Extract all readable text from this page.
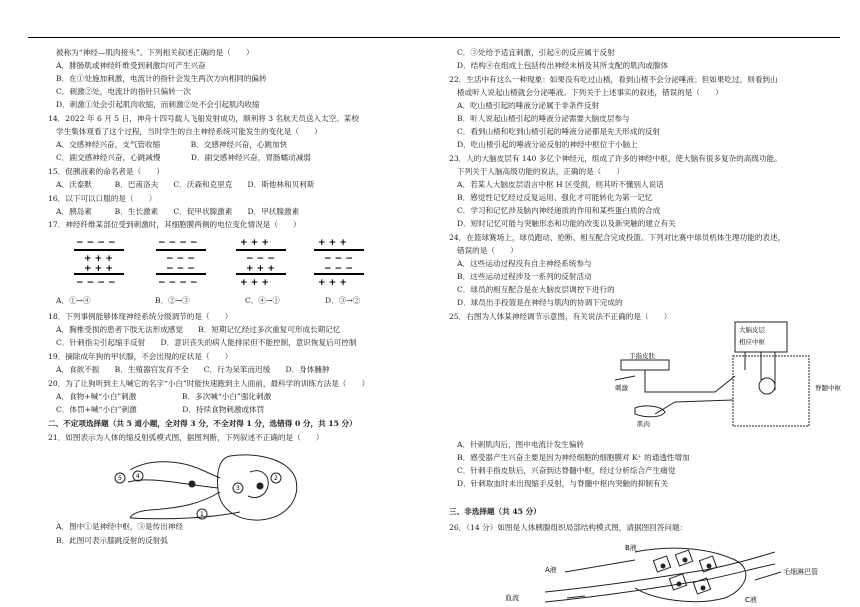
被称为“神经—肌肉接头”。下列相关叙述正确的是（　　）
A．腓肠肌或神经纤维受到刺激均可产生兴奋
B．在①处施加刺激，电流计的指针会发生两次方向相同的偏转
C．刺激②处，电流计的指针只偏转一次
D．刺激①处会引起肌肉收缩，而刺激②处不会引起肌肉收缩
14．2022 年 6 月 5 日，神舟十四号载人飞船发射成功，顺利将 3 名航天员送入太空。某校
学生集体观看了这个过程，当时学生的自主神经系统可能发生的变化是（　　）
A．交感神经兴奋，支气管收缩　　　　B．交感神经兴奋，心跳加快
C．副交感神经兴奋，心跳减慢　　　　D．副交感神经兴奋，胃肠蠕动减弱
15．促胰液素的命名者是（　　）
A．沃泰默　　　B．巴甫洛夫　　C．沃森和克里克　　D．斯他林和贝利斯
16．以下可以口服的是（　　）
A．胰岛素　　　B．生长激素　　C．促甲状腺激素　　D．甲状腺激素
17．神经纤维某部位受到刺激时，其细胞膜两侧的电位变化情况是（　　）
− − − −
+ + +
+ + +
− − − −
− − − −
− − −
− − −
− − − −
+ + +
− − −
+ + +
+ + +
+ + +
− − −
− − −
+ + +
A．①→④	B．②→③	C．④→①	D．③→②
18．下列事例能够体现神经系统分级调节的是（　　）
A．胸椎受损的患者下肢无法形成感觉　　B．短期记忆经过多次重复可形成长期记忆
C．针刺指尖引起缩手反射　　D．意识丧失的病人能排尿但不能控制，意识恢复后可控制
19．摘除成年狗的甲状腺，不会出现的症状是（　　）
A．食欲不振　　B．生殖器官发育不全　　C．行为呆笨而迟缓　　D．身体臃肿
20．为了让狗听到主人喊它的名字“小白”时能快速跑到主人面前，最科学的训练方法是（　　）
A．食物+喊“小白”刺激　　　　　　B．多次喊“小白”强化刺激
C．体罚+喊“小白”刺激　　　　　　D．持续食物刺激或体罚
二、不定项选择题（共 5 道小题，全对得 3 分，不全对得 1 分，选错得 0 分，共 15 分）
21．如图表示为人体的缩反射弧模式图，据图判断，下列叙述不正确的是（　　）
5 4
3
1
2
A．图中①是神经中枢，③是传出神经
B．此图可表示膝跳反射的反射弧
C．③处给予适宜刺激，引起④的反应属于反射
D．结构④在组成上包括传出神经末梢及其所支配的肌肉或腺体
22．生活中有这么一种现象：如果没有吃过山楂，看到山楂不会分泌唾液；但如果吃过，则看到山
楂或听人说起山楂就会分泌唾液。下列关于上述事实的叙述，错误的是（　　）
A．吃山楂引起的唾液分泌属于非条件反射
B．听人说起山楂引起的唾液分泌需要大脑皮层参与
C．看到山楂和吃到山楂引起的唾液分泌都是先天形成的反射
D．吃山楂引起的唾液分泌反射的神经中枢位于小脑上
23．人的大脑皮层有 140 多亿个神经元，组成了许多的神经中枢，使大脑有很多复杂的高级功能。
下列关于人脑高级功能的说法，正确的是（　　）
A．若某人大脑皮层语言中枢 H 区受损，则其听不懂别人说话
B．感觉性记忆经过反复运用、强化才可能转化为第一记忆
C．学习和记忆涉及脑内神经递质的作用和某些蛋白质的合成
D．短时记忆可能与突触形态和功能的改变以及新突触的建立有关
24．在篮球赛场上，球员跑动、抢断、相互配合完成投篮。下列对比赛中球员机体生理功能的表述，
错误的是（　　）
A．这些运动过程没有自主神经系统参与
B．这些运动过程涉及一系列的反射活动
C．球员的相互配合是在大脑皮层调控下进行的
D．球员出手投篮是在神经与肌肉的协调下完成的
25．右图为人体某神经调节示意图，有关说法不正确的是（　　）
大脑皮层
相应中枢
手指皮肤
刺激
肌肉
脊髓中枢
A．针刺肌肉后，图中电流计发生偏转
B．感受器产生兴奋主要是因为神经细胞的细胞膜对 K⁺ 的通透性增加
C．针刺手指皮肤后，兴奋到达脊髓中枢，经过分析综合产生痛觉
D．针刺取血时未出现缩手反射，与脊髓中枢内突触的抑制有关
三、非选择题（共 45 分）
26．（14 分）如图是人体胰腺组织局部结构模式图，请据图回答问题：
A液
B液
血流
毛细淋巴管
C液
